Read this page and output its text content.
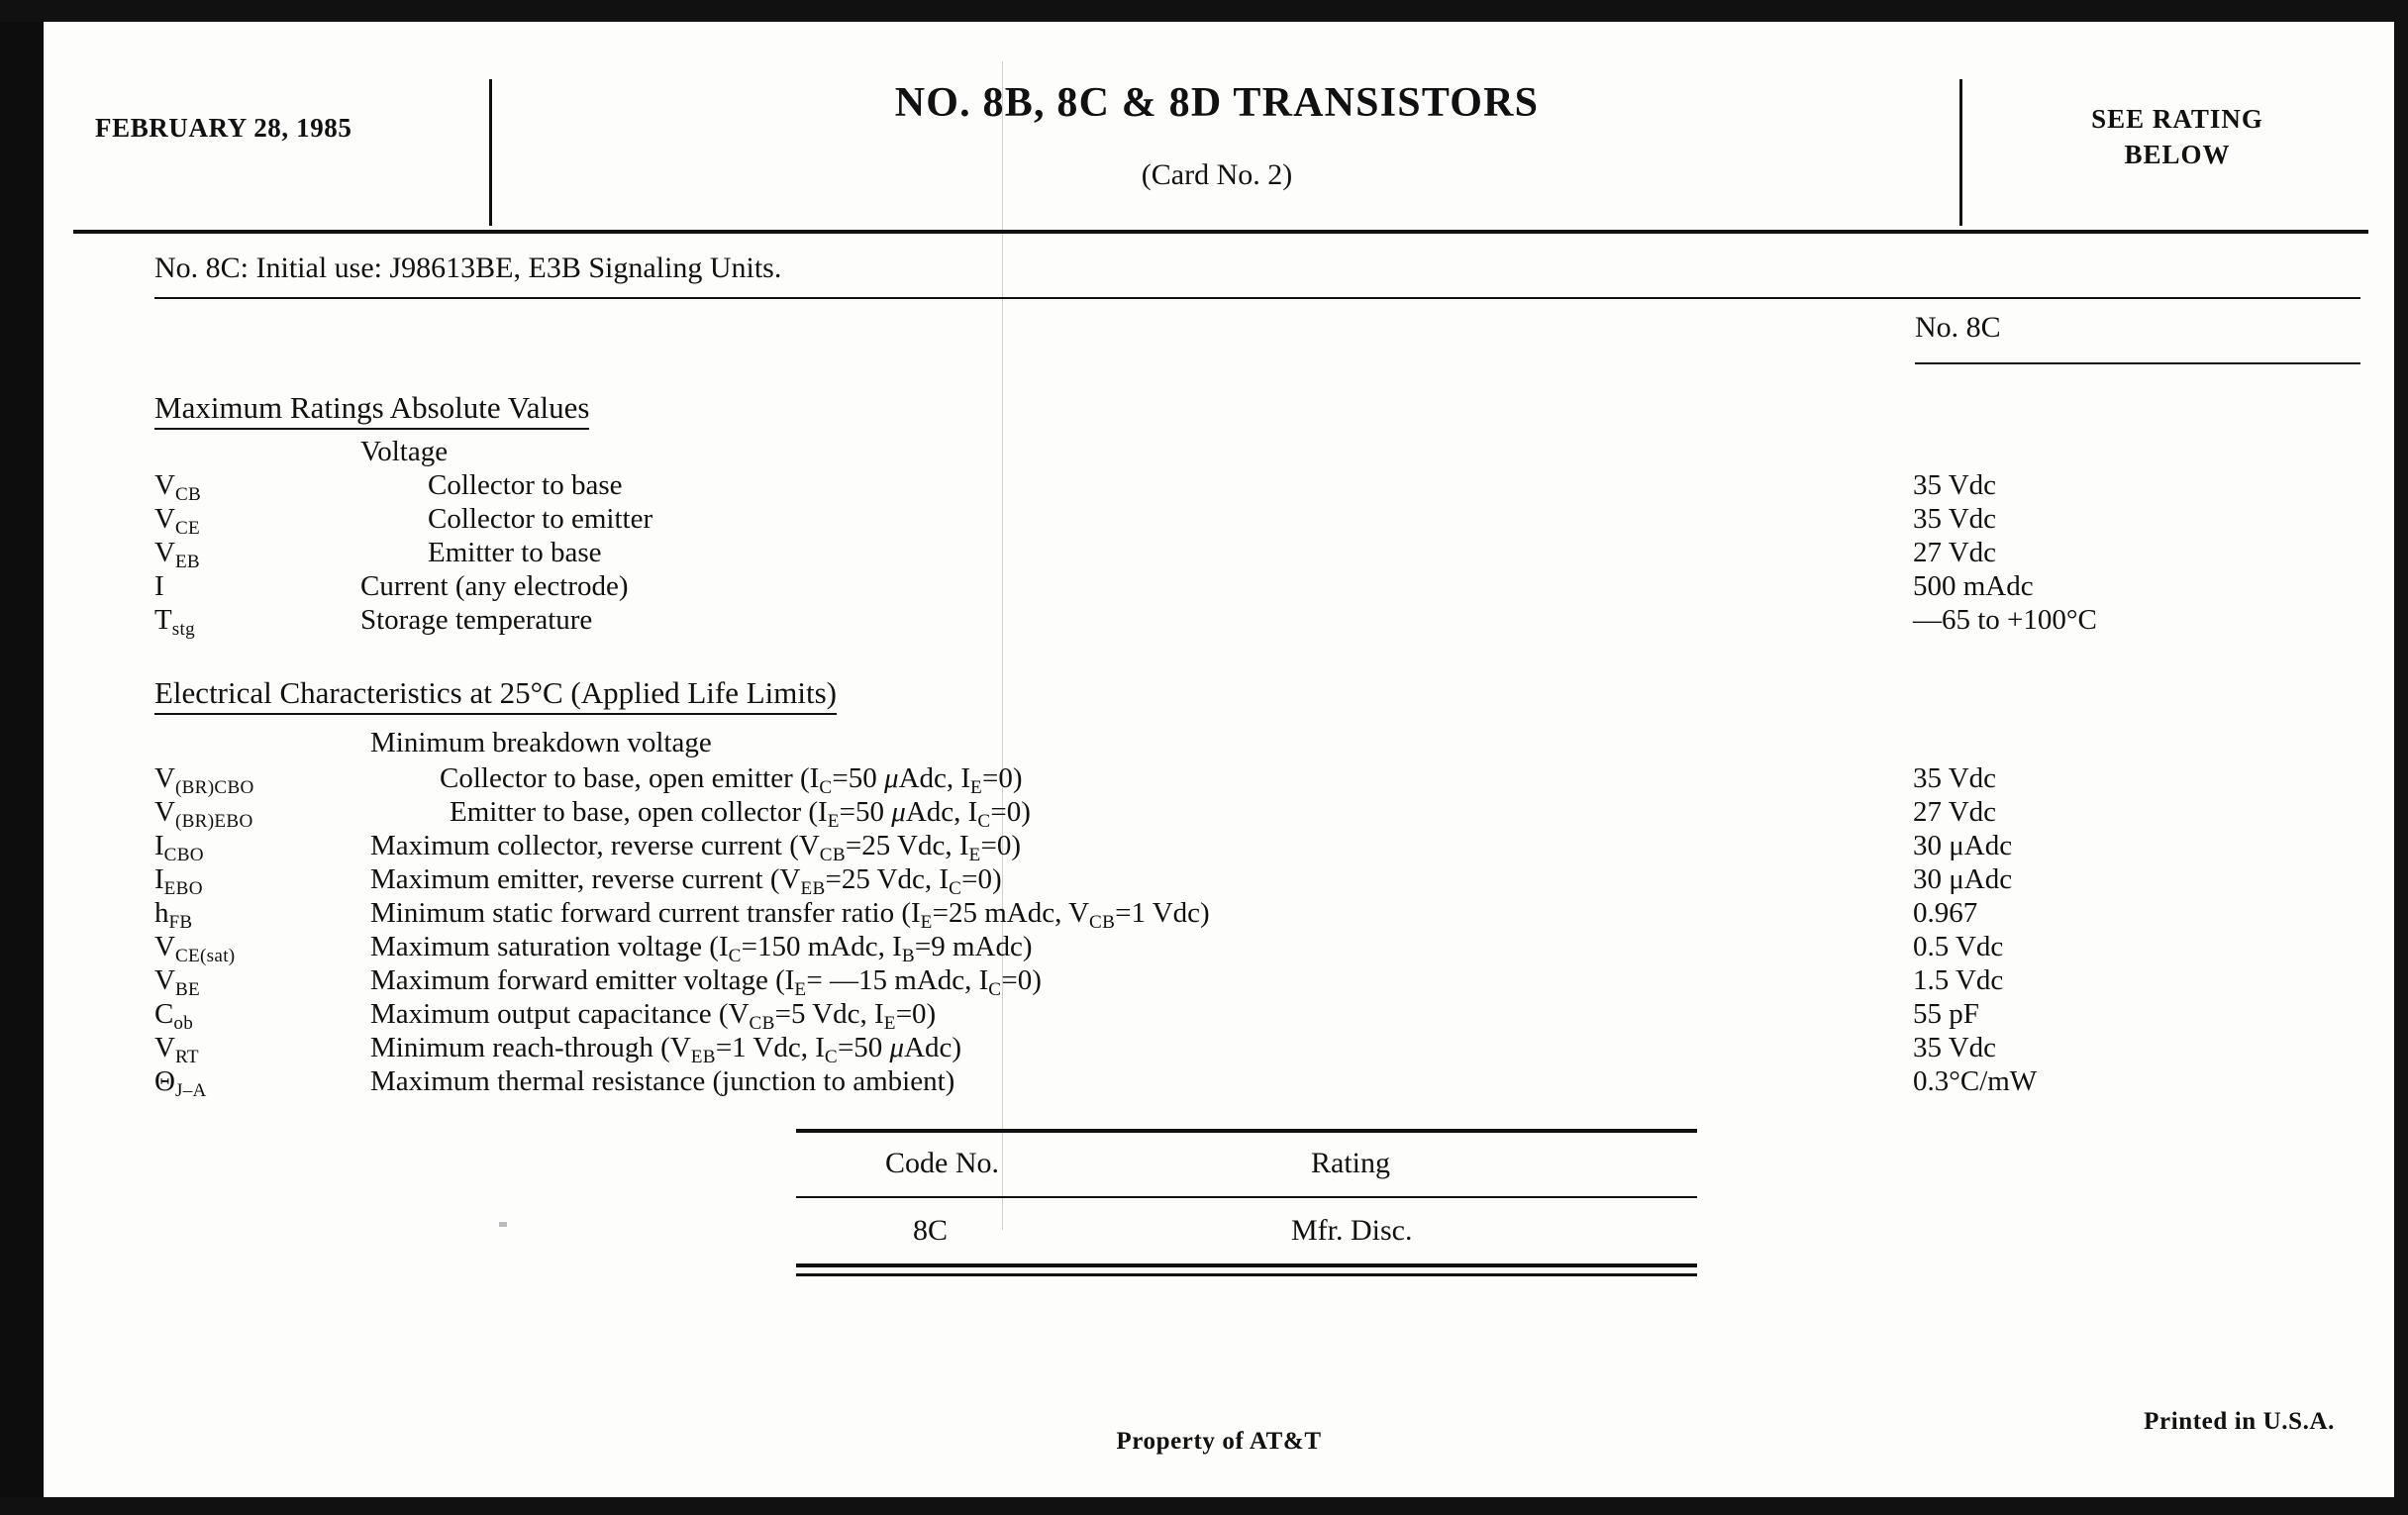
FEBRUARY 28, 1985
NO. 8B, 8C & 8D TRANSISTORS
(Card No. 2)
SEE RATING
BELOW
No. 8C: Initial use: J98613BE, E3B Signaling Units.
No. 8C
Maximum Ratings Absolute Values
Voltage
$V_{CB}$	Collector to base	35 Vdc
$V_{CE}$	Collector to emitter	35 Vdc
$V_{EB}$	Emitter to base	27 Vdc
I	Current (any electrode)	500 mAdc
$T_{stg}$	Storage temperature	—65 to +100°C
Electrical Characteristics at 25°C (Applied Life Limits)
Minimum breakdown voltage
$V_{(BR)CBO}$	Collector to base, open emitter ($I_C=50$ μAdc, $I_E=0$)	35 Vdc
$V_{(BR)EBO}$	Emitter to base, open collector ($I_E=50$ μAdc, $I_C=0$)	27 Vdc
$I_{CBO}$	Maximum collector, reverse current ($V_{CB}=25$ Vdc, $I_E=0$)	30 μAdc
$I_{EBO}$	Maximum emitter, reverse current ($V_{EB}=25$ Vdc, $I_C=0$)	30 μAdc
$h_{FB}$	Minimum static forward current transfer ratio ($I_E=25$ mAdc, $V_{CB}=1$ Vdc)	0.967
$V_{CE(sat)}$	Maximum saturation voltage ($I_C=150$ mAdc, $I_B=9$ mAdc)	0.5 Vdc
$V_{BE}$	Maximum forward emitter voltage ($I_E=$ —15 mAdc, $I_C=0$)	1.5 Vdc
$C_{ob}$	Maximum output capacitance ($V_{CB}=5$ Vdc, $I_E=0$)	55 pF
$V_{RT}$	Minimum reach-through ($V_{EB}=1$ Vdc, $I_C=50$ μAdc)	35 Vdc
$\Theta_{J-A}$	Maximum thermal resistance (junction to ambient)	0.3°C/mW
Code No.	Rating
8C	Mfr. Disc.
Property of AT&T
Printed in U.S.A.
